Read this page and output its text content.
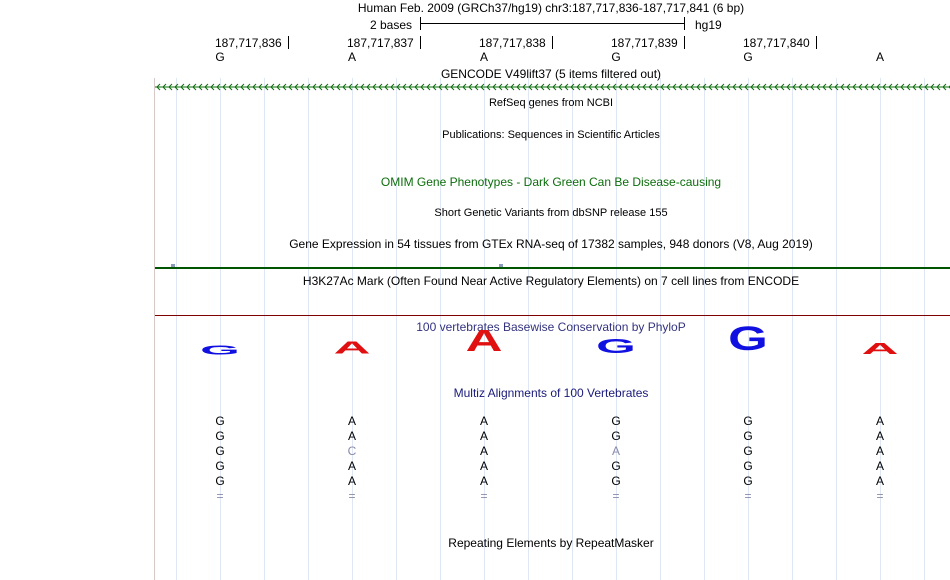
Human Feb. 2009 (GRCh37/hg19) chr3:187,717,836-187,717,841 (6 bp)
2 bases	hg19
187,717,836	187,717,837	187,717,838	187,717,839	187,717,840
G	A	A	G	G	A
GENCODE V49lift37 (5 items filtered out)
RefSeq genes from NCBI
Publications: Sequences in Scientific Articles
OMIM Gene Phenotypes - Dark Green Can Be Disease-causing
Short Genetic Variants from dbSNP release 155
Gene Expression in 54 tissues from GTEx RNA-seq of 17382 samples, 948 donors (V8, Aug 2019)
H3K27Ac Mark (Often Found Near Active Regulatory Elements) on 7 cell lines from ENCODE
100 vertebrates Basewise Conservation by PhyloP
G	A	A	G	G	A
Multiz Alignments of 100 Vertebrates
G	A	A	G	G	A
G	A	A	G	G	A
G	C	A	A	G	A
G	A	A	G	G	A
G	A	A	G	G	A
=	=	=	=	=	=
Repeating Elements by RepeatMasker
